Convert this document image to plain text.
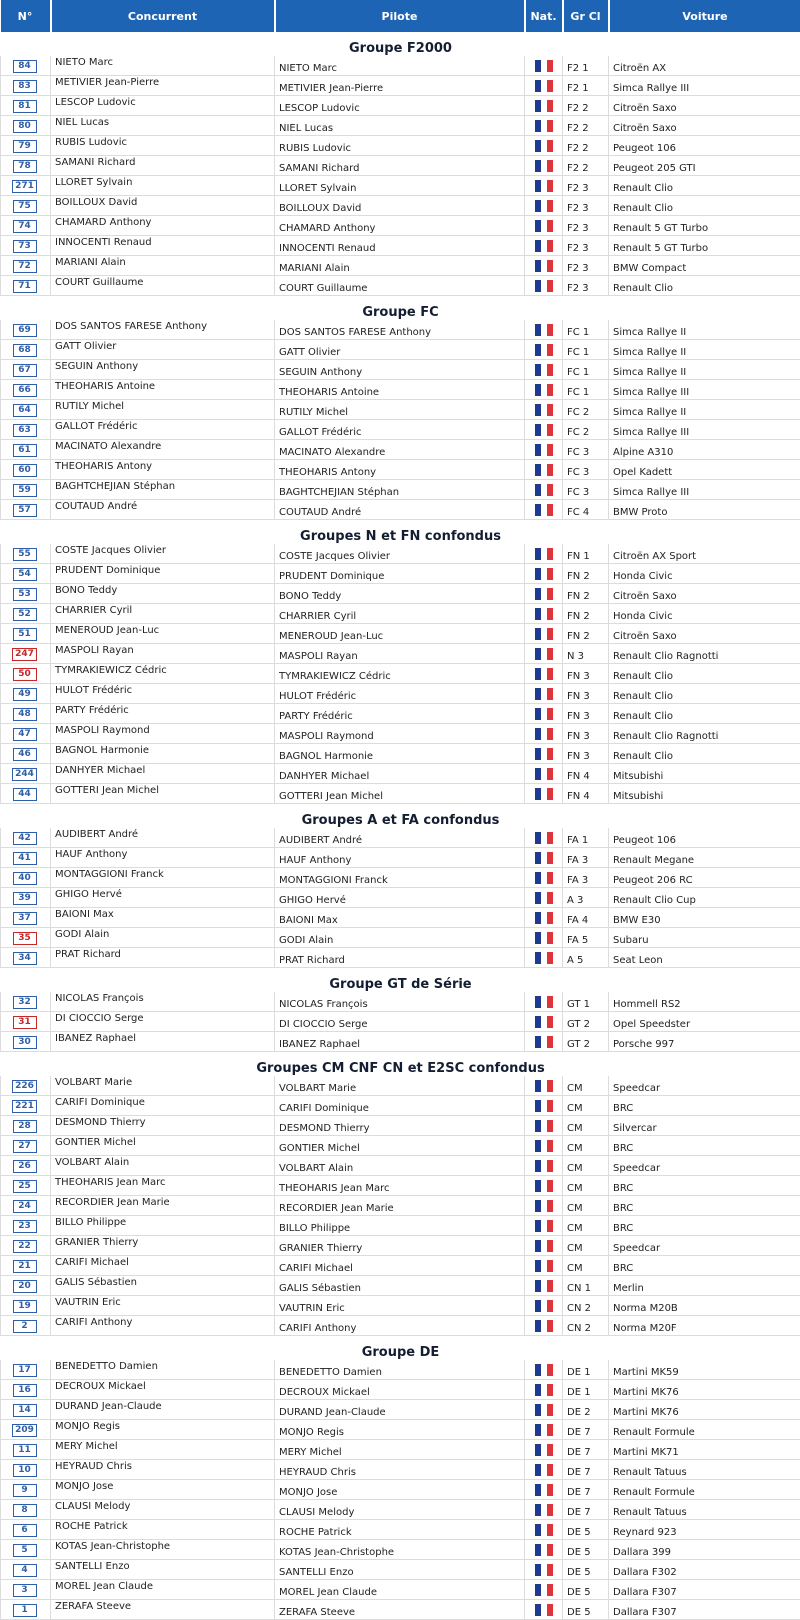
N°	Concurrent	Pilote	Nat.	Gr Cl	Voiture
Groupe F2000					
84	NIETO Marc	NIETO Marc		F2 1	Citroën AX
83	METIVIER Jean-Pierre	METIVIER Jean-Pierre		F2 1	Simca Rallye III
81	LESCOP Ludovic	LESCOP Ludovic		F2 2	Citroën Saxo
80	NIEL Lucas	NIEL Lucas		F2 2	Citroën Saxo
79	RUBIS Ludovic	RUBIS Ludovic		F2 2	Peugeot 106
78	SAMANI Richard	SAMANI Richard		F2 2	Peugeot 205 GTI
271	LLORET Sylvain	LLORET Sylvain		F2 3	Renault Clio
75	BOILLOUX David	BOILLOUX David		F2 3	Renault Clio
74	CHAMARD Anthony	CHAMARD Anthony		F2 3	Renault 5 GT Turbo
73	INNOCENTI Renaud	INNOCENTI Renaud		F2 3	Renault 5 GT Turbo
72	MARIANI Alain	MARIANI Alain		F2 3	BMW Compact
71	COURT Guillaume	COURT Guillaume		F2 3	Renault Clio
Groupe FC					
69	DOS SANTOS FARESE Anthony	DOS SANTOS FARESE Anthony		FC 1	Simca Rallye II
68	GATT Olivier	GATT Olivier		FC 1	Simca Rallye II
67	SEGUIN Anthony	SEGUIN Anthony		FC 1	Simca Rallye II
66	THEOHARIS Antoine	THEOHARIS Antoine		FC 1	Simca Rallye III
64	RUTILY Michel	RUTILY Michel		FC 2	Simca Rallye II
63	GALLOT Frédéric	GALLOT Frédéric		FC 2	Simca Rallye III
61	MACINATO Alexandre	MACINATO Alexandre		FC 3	Alpine A310
60	THEOHARIS Antony	THEOHARIS Antony		FC 3	Opel Kadett
59	BAGHTCHEJIAN Stéphan	BAGHTCHEJIAN Stéphan		FC 3	Simca Rallye III
57	COUTAUD André	COUTAUD André		FC 4	BMW Proto
Groupes N et FN confondus					
55	COSTE Jacques Olivier	COSTE Jacques Olivier		FN 1	Citroën AX Sport
54	PRUDENT Dominique	PRUDENT Dominique		FN 2	Honda Civic
53	BONO Teddy	BONO Teddy		FN 2	Citroën Saxo
52	CHARRIER Cyril	CHARRIER Cyril		FN 2	Honda Civic
51	MENEROUD Jean-Luc	MENEROUD Jean-Luc		FN 2	Citroën Saxo
247	MASPOLI Rayan	MASPOLI Rayan		N 3	Renault Clio Ragnotti
50	TYMRAKIEWICZ Cédric	TYMRAKIEWICZ Cédric		FN 3	Renault Clio
49	HULOT Frédéric	HULOT Frédéric		FN 3	Renault Clio
48	PARTY Frédéric	PARTY Frédéric		FN 3	Renault Clio
47	MASPOLI Raymond	MASPOLI Raymond		FN 3	Renault Clio Ragnotti
46	BAGNOL Harmonie	BAGNOL Harmonie		FN 3	Renault Clio
244	DANHYER Michael	DANHYER Michael		FN 4	Mitsubishi
44	GOTTERI Jean Michel	GOTTERI Jean Michel		FN 4	Mitsubishi
Groupes A et FA confondus					
42	AUDIBERT André	AUDIBERT André		FA 1	Peugeot 106
41	HAUF Anthony	HAUF Anthony		FA 3	Renault Megane
40	MONTAGGIONI Franck	MONTAGGIONI Franck		FA 3	Peugeot 206 RC
39	GHIGO Hervé	GHIGO Hervé		A 3	Renault Clio Cup
37	BAIONI Max	BAIONI Max		FA 4	BMW E30
35	GODI Alain	GODI Alain		FA 5	Subaru
34	PRAT Richard	PRAT Richard		A 5	Seat Leon
Groupe GT de Série					
32	NICOLAS François	NICOLAS François		GT 1	Hommell RS2
31	DI CIOCCIO Serge	DI CIOCCIO Serge		GT 2	Opel Speedster
30	IBANEZ Raphael	IBANEZ Raphael		GT 2	Porsche 997
Groupes CM CNF CN et E2SC confondus					
226	VOLBART Marie	VOLBART Marie		CM	Speedcar
221	CARIFI Dominique	CARIFI Dominique		CM	BRC
28	DESMOND Thierry	DESMOND Thierry		CM	Silvercar
27	GONTIER Michel	GONTIER Michel		CM	BRC
26	VOLBART Alain	VOLBART Alain		CM	Speedcar
25	THEOHARIS Jean Marc	THEOHARIS Jean Marc		CM	BRC
24	RECORDIER Jean Marie	RECORDIER Jean Marie		CM	BRC
23	BILLO Philippe	BILLO Philippe		CM	BRC
22	GRANIER Thierry	GRANIER Thierry		CM	Speedcar
21	CARIFI Michael	CARIFI Michael		CM	BRC
20	GALIS Sébastien	GALIS Sébastien		CN 1	Merlin
19	VAUTRIN Eric	VAUTRIN Eric		CN 2	Norma M20B
2	CARIFI Anthony	CARIFI Anthony		CN 2	Norma M20F
Groupe DE					
17	BENEDETTO Damien	BENEDETTO Damien		DE 1	Martini MK59
16	DECROUX Mickael	DECROUX Mickael		DE 1	Martini MK76
14	DURAND Jean-Claude	DURAND Jean-Claude		DE 2	Martini MK76
209	MONJO Regis	MONJO Regis		DE 7	Renault Formule
11	MERY Michel	MERY Michel		DE 7	Martini MK71
10	HEYRAUD Chris	HEYRAUD Chris		DE 7	Renault Tatuus
9	MONJO Jose	MONJO Jose		DE 7	Renault Formule
8	CLAUSI Melody	CLAUSI Melody		DE 7	Renault Tatuus
6	ROCHE Patrick	ROCHE Patrick		DE 5	Reynard 923
5	KOTAS Jean-Christophe	KOTAS Jean-Christophe		DE 5	Dallara 399
4	SANTELLI Enzo	SANTELLI Enzo		DE 5	Dallara F302
3	MOREL Jean Claude	MOREL Jean Claude		DE 5	Dallara F307
1	ZERAFA Steeve	ZERAFA Steeve		DE 5	Dallara F307
